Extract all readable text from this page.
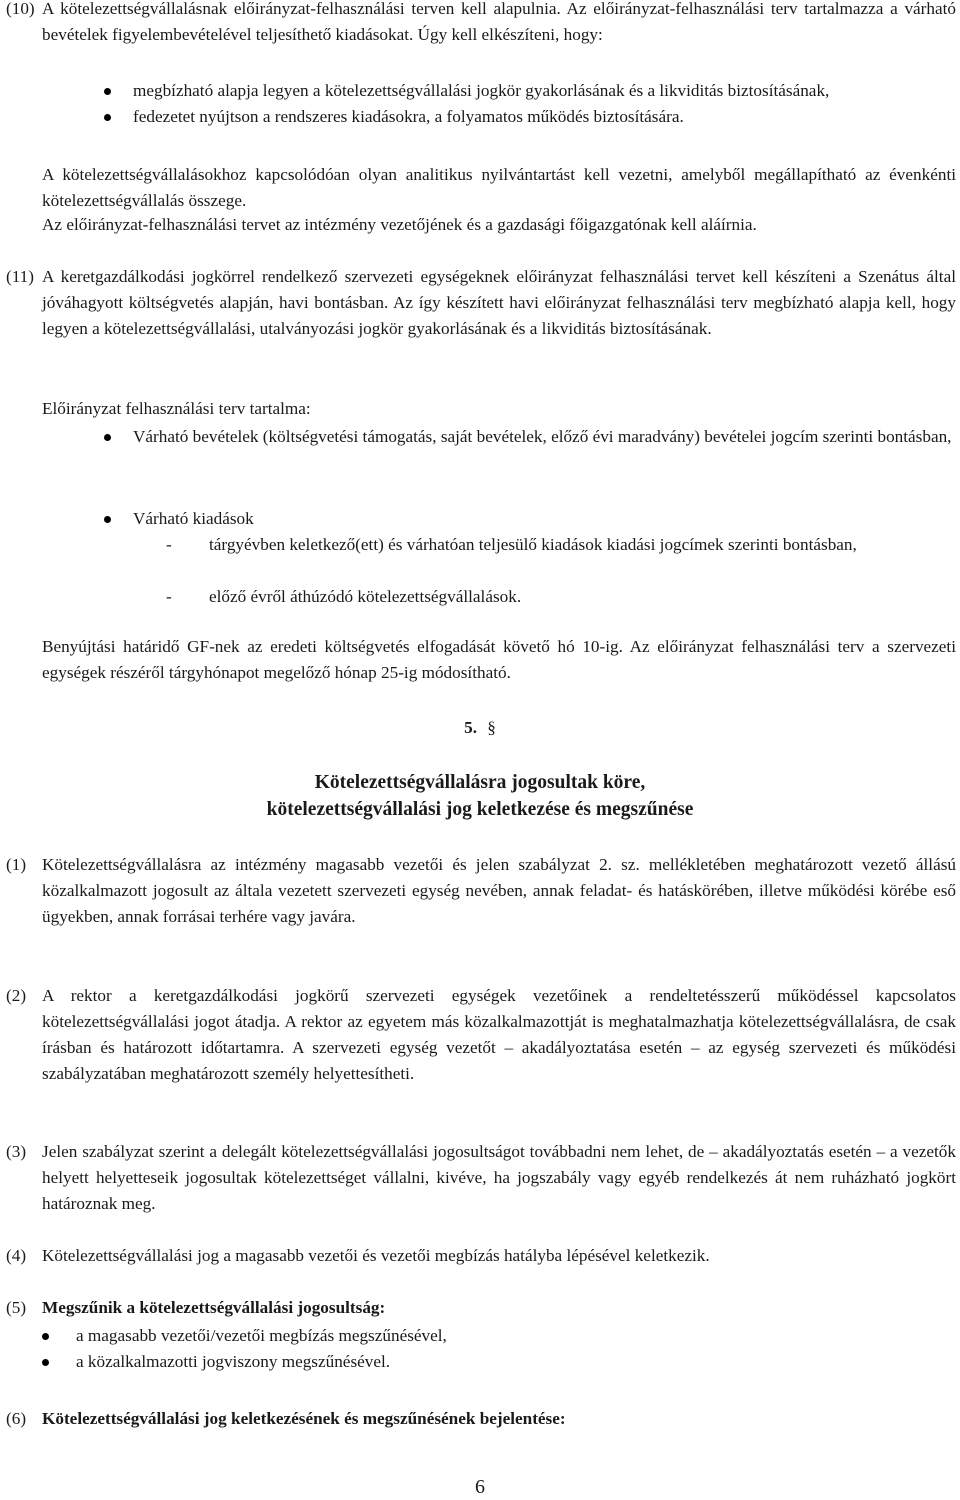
(10) A kötelezettségvállalásnak előirányzat-felhasználási terven kell alapulnia. Az előirányzat-felhasználási terv tartalmazza a várható bevételek figyelembevételével teljesíthető kiadásokat. Úgy kell elkészíteni, hogy:

megbízható alapja legyen a kötelezettségvállalási jogkör gyakorlásának és a likviditás biztosításának,
fedezetet nyújtson a rendszeres kiadásokra, a folyamatos működés biztosítására.

A kötelezettségvállalásokhoz kapcsolódóan olyan analitikus nyilvántartást kell vezetni, amelyből megállapítható az évenkénti kötelezettségvállalás összege.

Az előirányzat-felhasználási tervet az intézmény vezetőjének és a gazdasági főigazgatónak kell aláírnia.

(11) A keretgazdálkodási jogkörrel rendelkező szervezeti egységeknek előirányzat felhasználási tervet kell készíteni a Szenátus által jóváhagyott költségvetés alapján, havi bontásban. Az így készített havi előirányzat felhasználási terv megbízható alapja kell, hogy legyen a kötelezettségvállalási, utalványozási jogkör gyakorlásának és a likviditás biztosításának.

Előirányzat felhasználási terv tartalma:

Várható bevételek (költségvetési támogatás, saját bevételek, előző évi maradvány) bevételei jogcím szerinti bontásban,
Várható kiadások
- tárgyévben keletkező(ett) és várhatóan teljesülő kiadások kiadási jogcímek szerinti bontásban,

- előző évről áthúzódó kötelezettségvállalások.

Benyújtási határidő GF-nek az eredeti költségvetés elfogadását követő hó 10-ig. Az előirányzat felhasználási terv a szervezeti egységek részéről tárgyhónapot megelőző hónap 25-ig módosítható.

5. §

Kötelezettségvállalásra jogosultak köre,

kötelezettségvállalási jog keletkezése és megszűnése

(1) Kötelezettségvállalásra az intézmény magasabb vezetői és jelen szabályzat 2. sz. mellékletében meghatározott vezető állású közalkalmazott jogosult az általa vezetett szervezeti egység nevében, annak feladat- és hatáskörében, illetve működési körébe eső ügyekben, annak forrásai terhére vagy javára.

(2) A rektor a keretgazdálkodási jogkörű szervezeti egységek vezetőinek a rendeltetésszerű működéssel kapcsolatos kötelezettségvállalási jogot átadja. A rektor az egyetem más közalkalmazottját is meghatalmazhatja kötelezettségvállalásra, de csak írásban és határozott időtartamra. A szervezeti egység vezetőt – akadályoztatása esetén – az egység szervezeti és működési szabályzatában meghatározott személy helyettesítheti.

(3) Jelen szabályzat szerint a delegált kötelezettségvállalási jogosultságot továbbadni nem lehet, de – akadályoztatás esetén – a vezetők helyett helyetteseik jogosultak kötelezettséget vállalni, kivéve, ha jogszabály vagy egyéb rendelkezés át nem ruházható jogkört határoznak meg.

(4) Kötelezettségvállalási jog a magasabb vezetői és vezetői megbízás hatályba lépésével keletkezik.

(5) Megszűnik a kötelezettségvállalási jogosultság:

a magasabb vezetői/vezetői megbízás megszűnésével,
a közalkalmazotti jogviszony megszűnésével.
(6) Kötelezettségvállalási jog keletkezésének és megszűnésének bejelentése:

6
